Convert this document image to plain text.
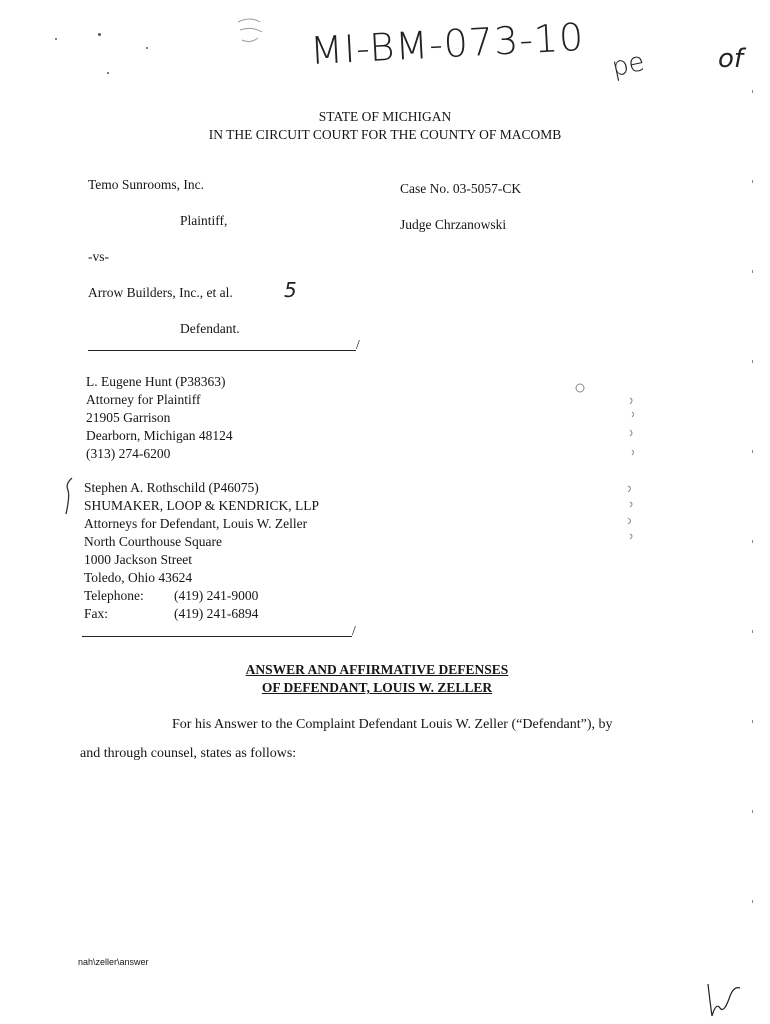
MI-BM-073-10 pe	of
STATE OF MICHIGAN
IN THE CIRCUIT COURT FOR THE COUNTY OF MACOMB
Temo Sunrooms, Inc.
Plaintiff,
-vs-
Arrow Builders, Inc., et al.	5
Defendant.
/
Case No. 03-5057-CK
Judge Chrzanowski
L. Eugene Hunt (P38363)
Attorney for Plaintiff
21905 Garrison
Dearborn, Michigan 48124
(313) 274-6200
Stephen A. Rothschild (P46075)
SHUMAKER, LOOP & KENDRICK, LLP
Attorneys for Defendant, Louis W. Zeller
North Courthouse Square
1000 Jackson Street
Toledo, Ohio 43624
Telephone: (419) 241-9000
Fax:	(419) 241-6894
/
ANSWER AND AFFIRMATIVE DEFENSES
OF DEFENDANT, LOUIS W. ZELLER
For his Answer to the Complaint Defendant Louis W. Zeller (“Defendant”), by
and through counsel, states as follows:
nah\zeller\answer
